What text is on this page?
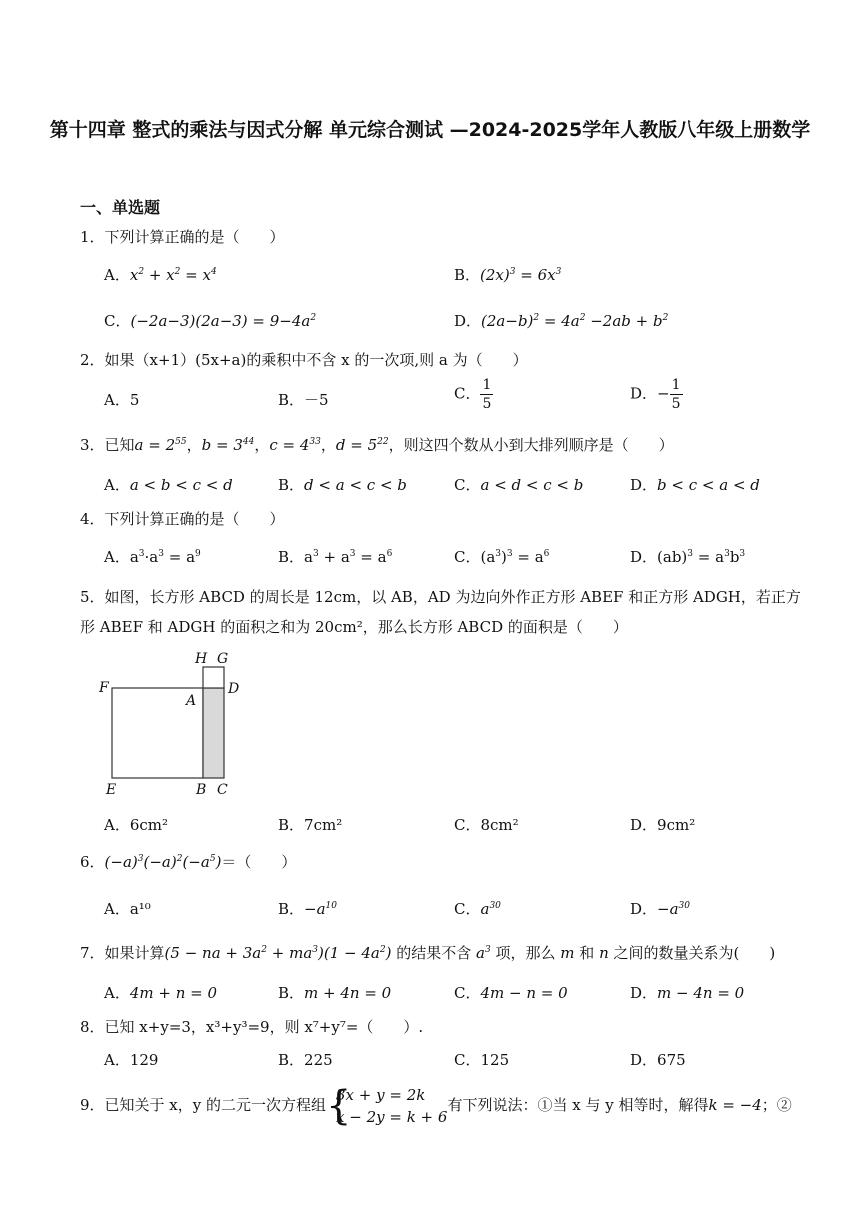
第十四章 整式的乘法与因式分解 单元综合测试 —2024-2025学年人教版八年级上册数学
一、单选题
1．下列计算正确的是（　　）
A．$x^2 + x^2 = x^4$	B．$(2x)^3 = 6x^3$
C．$(-2a-3)(2a-3) = 9-4a^2$	D．$(2a-b)^2 = 4a^2 -2ab + b^2$
2．如果（x+1）(5x+a)的乘积中不含 x 的一次项,则 a 为（　　）
A．5	B．－5	C． $\frac{1}{5}$	D．− $\frac{1}{5}$
3．已知$a = 2^{55}$，$b = 3^{44}$，$c = 4^{33}$，$d = 5^{22}$，则这四个数从小到大排列顺序是（　　）
A．a < b < c < d	B．d < a < c < b	C．a < d < c < b	D．b < c < a < d
4．下列计算正确的是（　　）
A．$a^3\cdot a^3 = a^9$	B．$a^3 + a^3 = a^6$	C．$(a^3)^3 = a^6$	D．$(ab)^3 = a^3b^3$
5．如图，长方形 ABCD 的周长是 12cm，以 AB，AD 为边向外作正方形 ABEF 和正方形 ADGH，若正方
形 ABEF 和 ADGH 的面积之和为 20cm²，那么长方形 ABCD 的面积是（　　）
H G
F
A
D
E	B C
A．6cm²	B．7cm²	C．8cm²	D．9cm²
6．$(-a)^3(-a)^2(-a^5)=$（　　）
A．a¹⁰	B．$-a^{10}$	C．$a^{30}$	D．$-a^{30}$
7．如果计算(5 − na + $3a^2 + ma^3)(1 - 4a^2)$ 的结果不含 $a^3$ 项，那么 m 和 n 之间的数量关系为(　　)
A．4m + n = 0	B．m + 4n = 0	C．4m − n = 0	D．m − 4n = 0
8．已知 x+y=3，x³+y³=9，则 x⁷+y⁷=（　　）.
A．129	B．225	C．125	D．675
9．已知关于 x，y 的二元一次方程组 {
3x + y = 2k
x − 2y = k + 6
有下列说法：①当 x 与 y 相等时，解得k = −4；②
